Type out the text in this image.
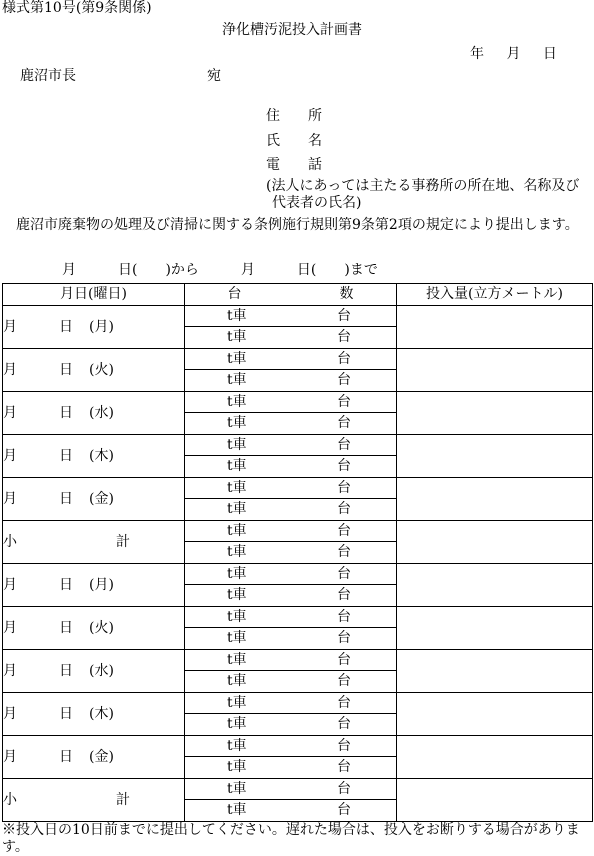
様式第10号(第9条関係)
浄化槽汚泥投入計画書
年 月 日
鹿沼市長	宛
住　　所
氏　　名
電　　話
(法人にあっては主たる事務所の所在地、名称及び
代表者の氏名)
鹿沼市廃棄物の処理及び清掃に関する条例施行規則第9条第2項の規定により提出します。
月　　　日(　　)から　　　月　　　日(　　)まで
月日(曜日)	台　　　　　　　数	投入量(立方メートル)
月 日 (月)	t車 台	
	t車 台	
月 日 (火)	t車 台	
	t車 台	
月 日 (水)	t車 台	
	t車 台	
月 日 (木)	t車 台	
	t車 台	
月 日 (金)	t車 台	
	t車 台	
小 計	t車 台	
	t車 台	
月 日 (月)	t車 台	
	t車 台	
月 日 (火)	t車 台	
	t車 台	
月 日 (水)	t車 台	
	t車 台	
月 日 (木)	t車 台	
	t車 台	
月 日 (金)	t車 台	
	t車 台	
小 計	t車 台	
	t車 台	
※投入日の10日前までに提出してください。遅れた場合は、投入をお断りする場合があります。
